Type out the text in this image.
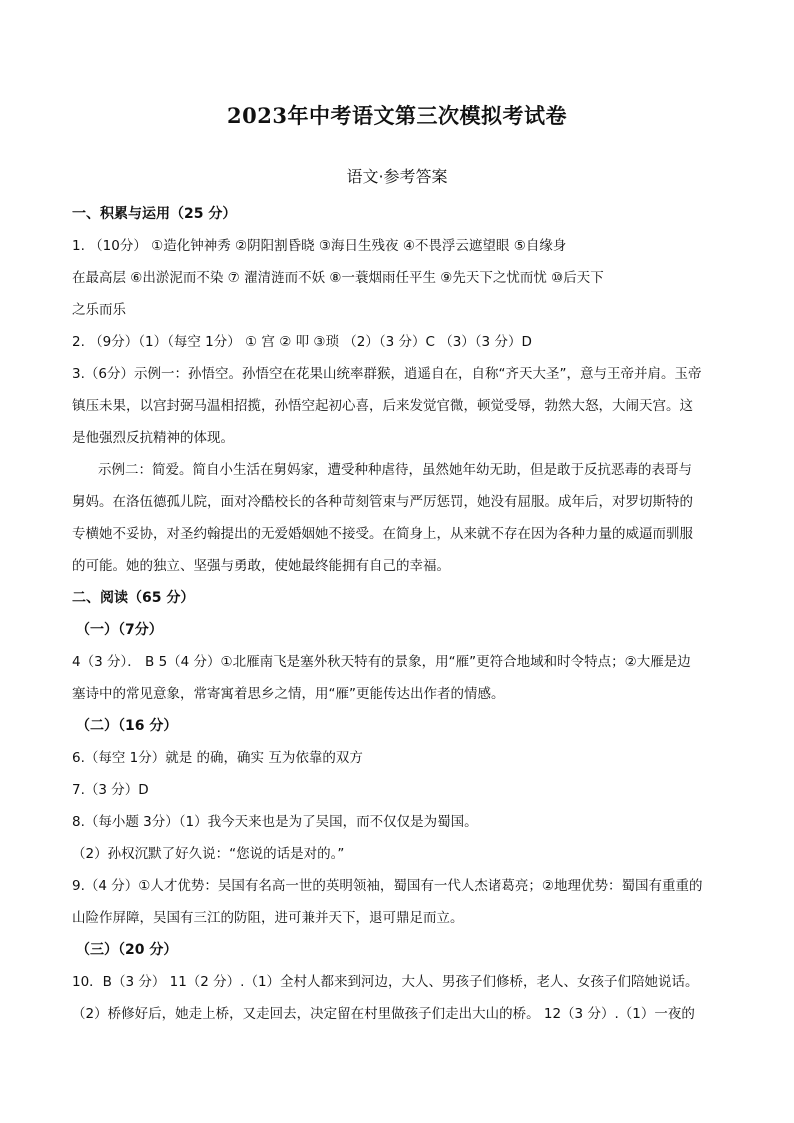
2023年中考语文第三次模拟考试卷
语文·参考答案
一、积累与运用（25 分）
1. （10分） ①造化钟神秀 ②阴阳割昏晓 ③海日生残夜 ④不畏浮云遮望眼 ⑤自缘身
在最高层 ⑥出淤泥而不染 ⑦ 濯清涟而不妖 ⑧一蓑烟雨任平生 ⑨先天下之忧而忧 ⑩后天下
之乐而乐
2. （9分）（1）（每空 1分） ① 宫 ② 叩 ③琐 （2）（3 分）C （3）（3 分）D
3.（6分）示例一：孙悟空。孙悟空在花果山统率群猴，逍遥自在，自称“齐天大圣”，意与王帝并肩。玉帝
镇压未果，以宫封弼马温相招揽，孙悟空起初心喜，后来发觉官微，顿觉受辱，勃然大怒，大闹天宫。这
是他强烈反抗精神的体现。
示例二：简爱。简自小生活在舅妈家，遭受种种虐待，虽然她年幼无助，但是敢于反抗恶毒的表哥与
舅妈。在洛伍德孤儿院，面对冷酷校长的各种苛刻管束与严厉惩罚，她没有屈服。成年后，对罗切斯特的
专横她不妥协，对圣约翰提出的无爱婚姻她不接受。在简身上，从来就不存在因为各种力量的威逼而驯服
的可能。她的独立、坚强与勇敢，使她最终能拥有自己的幸福。
二、阅读（65 分）
（一）（7分）
4（3 分）． B 5（4 分）①北雁南飞是塞外秋天特有的景象，用“雁”更符合地域和时令特点；②大雁是边
塞诗中的常见意象，常寄寓着思乡之情，用“雁”更能传达出作者的情感。
（二）（16 分）
6.（每空 1分）就是 的确，确实 互为依靠的双方
7.（3 分）D
8.（每小题 3分）（1）我今天来也是为了吴国，而不仅仅是为蜀国。
（2）孙权沉默了好久说：“您说的话是对的。”
9.（4 分）①人才优势：吴国有名高一世的英明领袖，蜀国有一代人杰诸葛亮；②地理优势：蜀国有重重的
山险作屏障，吴国有三江的防阻，进可兼并天下，退可鼎足而立。
（三）（20 分）
10．B（3 分） 11（2 分）.（1）全村人都来到河边，大人、男孩子们修桥，老人、女孩子们陪她说话。
（2）桥修好后，她走上桥，又走回去，决定留在村里做孩子们走出大山的桥。 12（3 分）.（1）一夜的
